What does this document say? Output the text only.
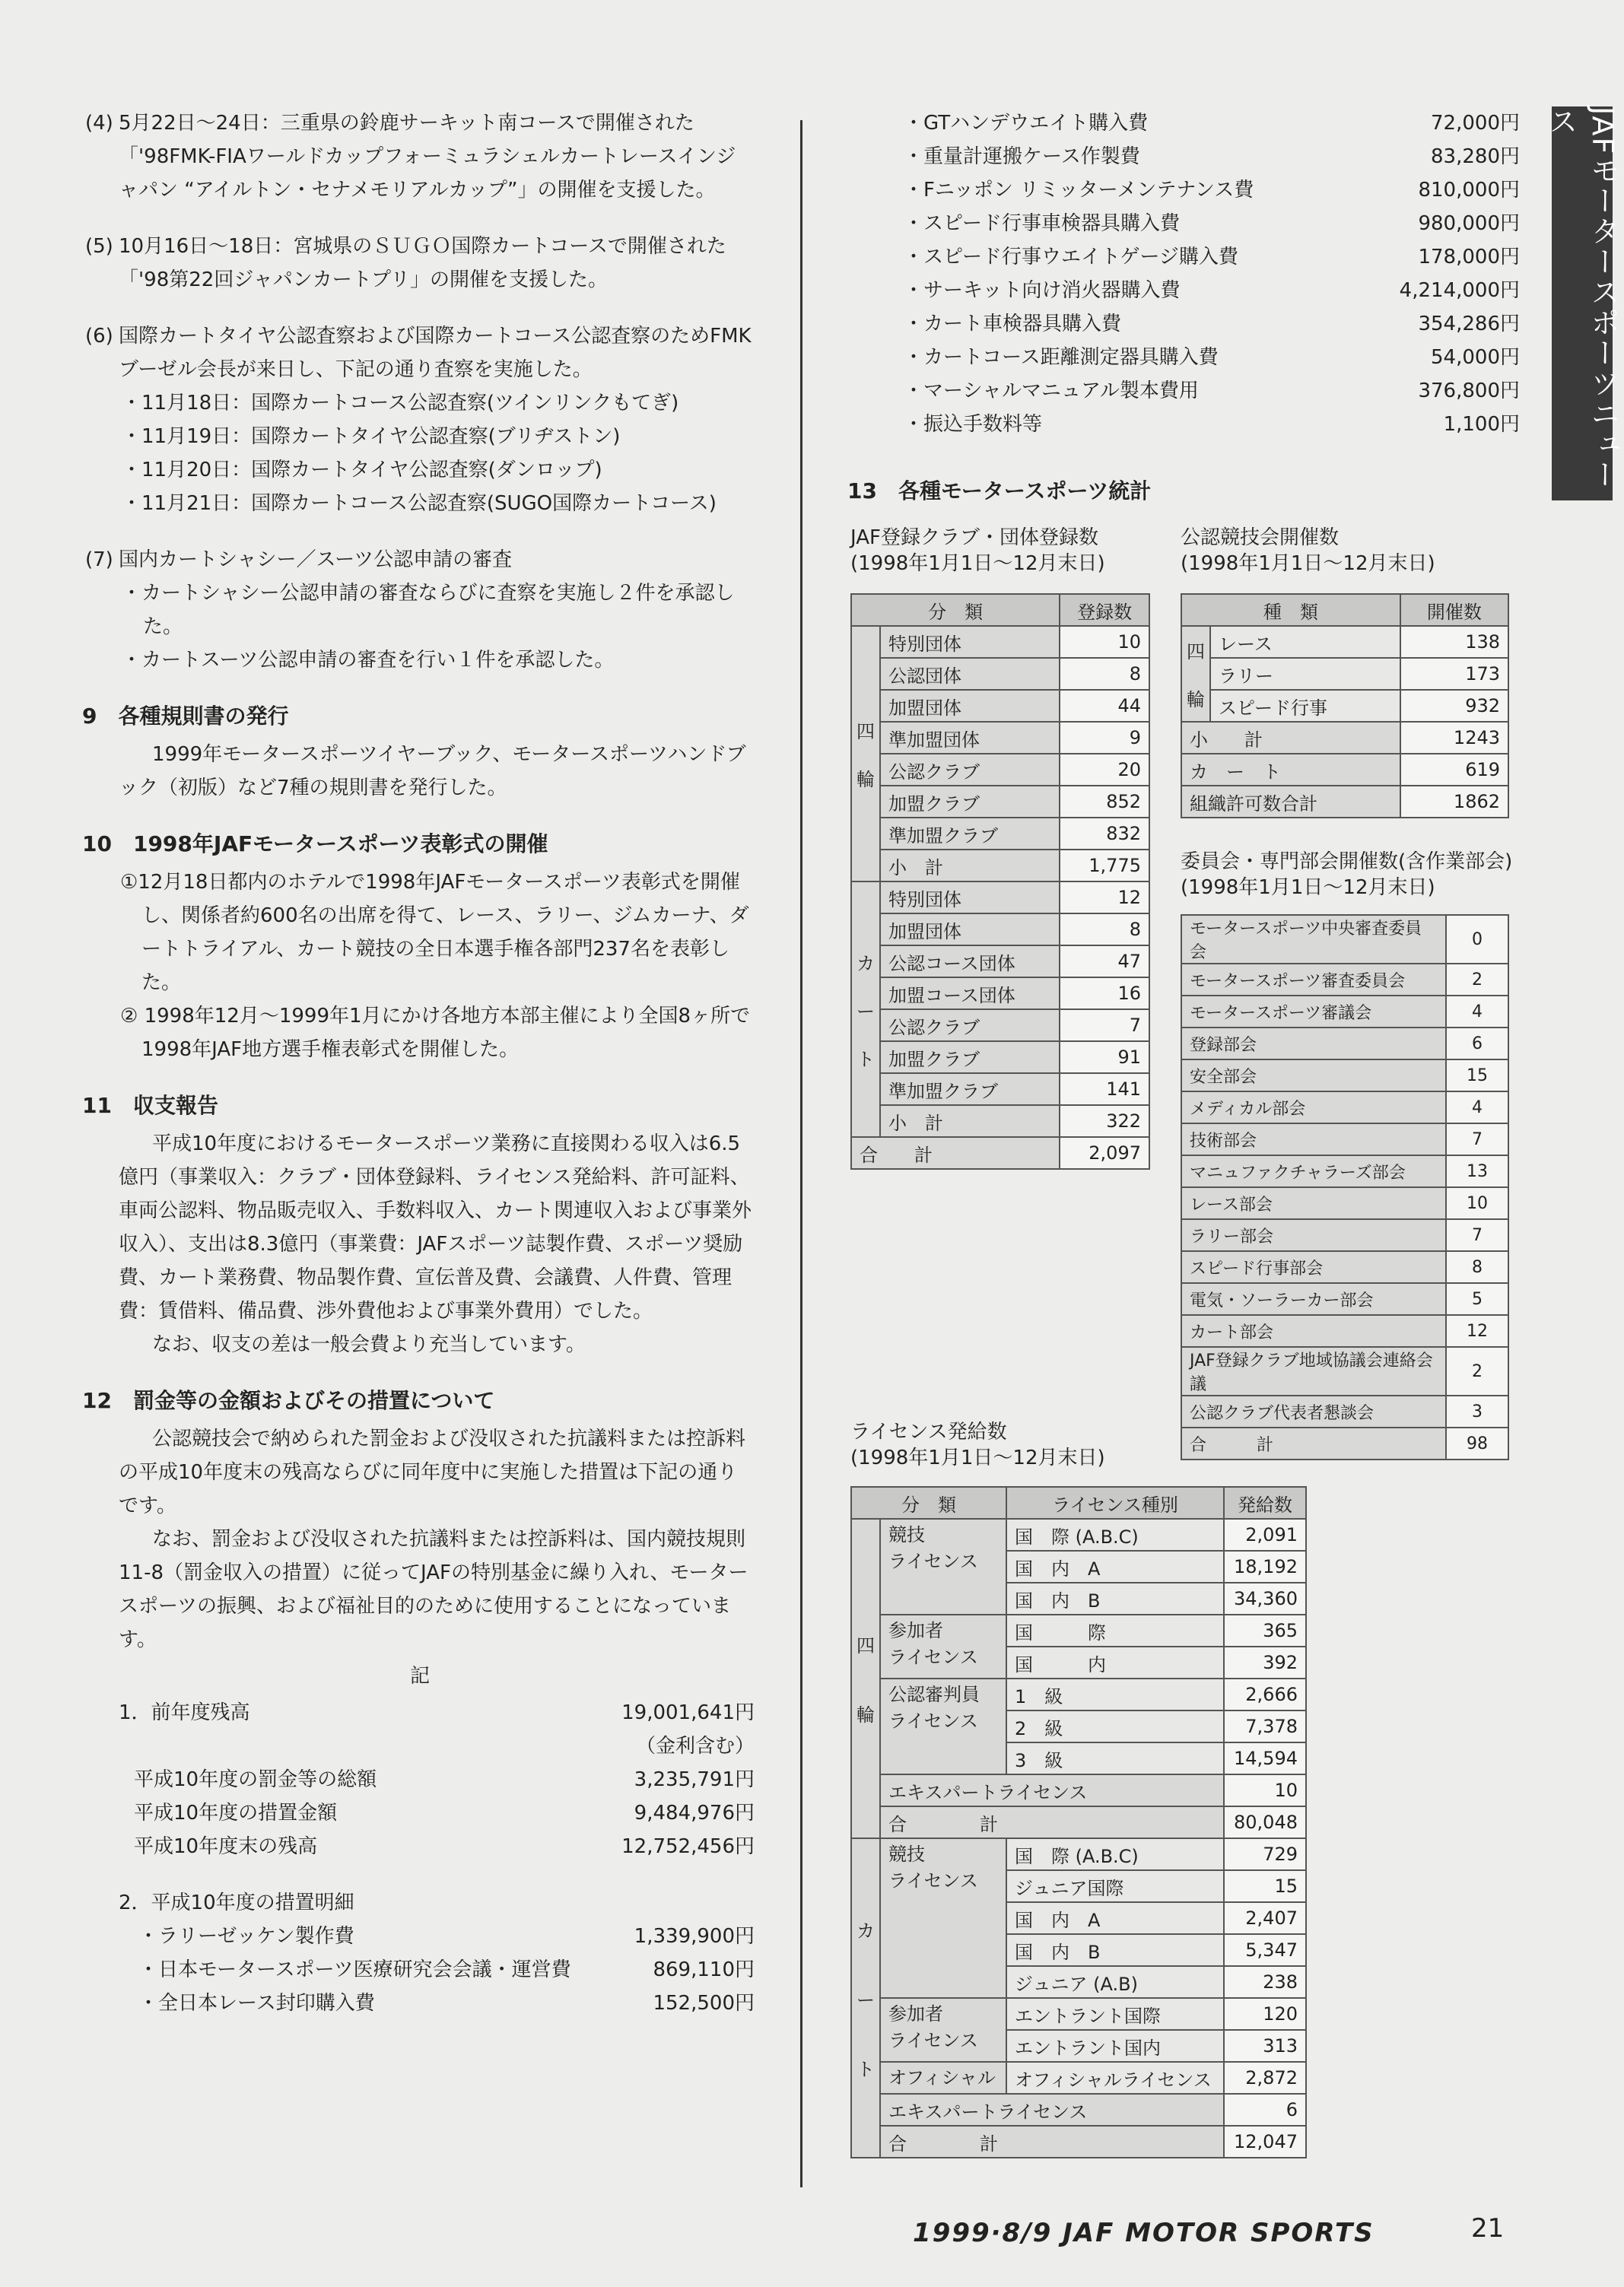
JAFモータースポーツニュース
(4) 5月22日〜24日：三重県の鈴鹿サーキット南コースで開催された「'98FMK-FIAワールドカップフォーミュラシェルカートレースインジャパン “アイルトン・セナメモリアルカップ”」の開催を支援した。
(5) 10月16日〜18日：宮城県のＳＵＧＯ国際カートコースで開催された「'98第22回ジャパンカートプリ」の開催を支援した。
(6) 国際カートタイヤ公認査察および国際カートコース公認査察のためFMKブーゼル会長が来日し、下記の通り査察を実施した。

・11月18日：国際カートコース公認査察(ツインリンクもてぎ)

・11月19日：国際カートタイヤ公認査察(ブリヂストン)

・11月20日：国際カートタイヤ公認査察(ダンロップ)

・11月21日：国際カートコース公認査察(SUGO国際カートコース)

(7) 国内カートシャシー／スーツ公認申請の審査

・カートシャシー公認申請の審査ならびに査察を実施し２件を承認した。

・カートスーツ公認申請の審査を行い１件を承認した。

9　各種規則書の発行

1999年モータースポーツイヤーブック、モータースポーツハンドブック（初版）など7種の規則書を発行した。

10　1998年JAFモータースポーツ表彰式の開催

①12月18日都内のホテルで1998年JAFモータースポーツ表彰式を開催し、関係者約600名の出席を得て、レース、ラリー、ジムカーナ、ダートトライアル、カート競技の全日本選手権各部門237名を表彰した。

② 1998年12月〜1999年1月にかけ各地方本部主催により全国8ヶ所で1998年JAF地方選手権表彰式を開催した。

11　収支報告

平成10年度におけるモータースポーツ業務に直接関わる収入は6.5億円（事業収入：クラブ・団体登録料、ライセンス発給料、許可証料、車両公認料、物品販売収入、手数料収入、カート関連収入および事業外収入）、支出は8.3億円（事業費：JAFスポーツ誌製作費、スポーツ奨励費、カート業務費、物品製作費、宣伝普及費、会議費、人件費、管理費：賃借料、備品費、渉外費他および事業外費用）でした。

なお、収支の差は一般会費より充当しています。

12　罰金等の金額およびその措置について

公認競技会で納められた罰金および没収された抗議料または控訴料の平成10年度末の残高ならびに同年度中に実施した措置は下記の通りです。

なお、罰金および没収された抗議料または控訴料は、国内競技規則11-8（罰金収入の措置）に従ってJAFの特別基金に繰り入れ、モータースポーツの振興、および福祉目的のために使用することになっています。

記
1．前年度残高	19,001,641円
（金利含む）
平成10年度の罰金等の総額	3,235,791円
平成10年度の措置金額	9,484,976円
平成10年度末の残高	12,752,456円
2．平成10年度の措置明細
・ラリーゼッケン製作費	1,339,900円
・日本モータースポーツ医療研究会会議・運営費	869,110円
・全日本レース封印購入費	152,500円
・GTハンデウエイト購入費	72,000円
・重量計運搬ケース作製費	83,280円
・Fニッポン リミッターメンテナンス費	810,000円
・スピード行事車検器具購入費	980,000円
・スピード行事ウエイトゲージ購入費	178,000円
・サーキット向け消火器購入費	4,214,000円
・カート車検器具購入費	354,286円
・カートコース距離測定器具購入費	54,000円
・マーシャルマニュアル製本費用	376,800円
・振込手数料等	1,100円
13　各種モータースポーツ統計

JAF登録クラブ・団体登録数

(1998年1月1日〜12月末日)

分　類		登録数
四

輪	特別団体	10
	公認団体	8
	加盟団体	44
	準加盟団体	9
	公認クラブ	20
	加盟クラブ	852
	準加盟クラブ	832
	小　計	1,775
カ

ー

ト	特別団体	12
	加盟団体	8
	公認コース団体	47
	加盟コース団体	16
	公認クラブ	7
	加盟クラブ	91
	準加盟クラブ	141
	小　計	322
合　　計		2,097

公認競技会開催数

(1998年1月1日〜12月末日)

種　類		開催数
四

輪	レース	138
	ラリー	173
	スピード行事	932
小　　計		1243
カ　ー　ト		619
組織許可数合計		1862

委員会・専門部会開催数(含作業部会)

(1998年1月1日〜12月末日)

モータースポーツ中央審査委員会	0
モータースポーツ審査委員会	2
モータースポーツ審議会	4
登録部会	6
安全部会	15
メディカル部会	4
技術部会	7
マニュファクチャラーズ部会	13
レース部会	10
ラリー部会	7
スピード行事部会	8
電気・ソーラーカー部会	5
カート部会	12
JAF登録クラブ地域協議会連絡会議	2
公認クラブ代表者懇談会	3
合　　　計	98

ライセンス発給数

(1998年1月1日〜12月末日)

分　類		ライセンス種別	発給数
四

輪	競技
ライセンス	国　際 (A.B.C)	2,091
		国　内　A	18,192
		国　内　B	34,360
	参加者
ライセンス	国　　　際	365
		国　　　内	392
	公認審判員
ライセンス	1　級	2,666
		2　級	7,378
		3　級	14,594
	エキスパートライセンス		10
	合　　　　計		80,048
カ

ー

ト	競技
ライセンス	国　際 (A.B.C)	729
		ジュニア国際	15
		国　内　A	2,407
		国　内　B	5,347
		ジュニア (A.B)	238
	参加者
ライセンス	エントラント国際	120
		エントラント国内	313
	オフィシャル	オフィシャルライセンス	2,872
	エキスパートライセンス		6
	合　　　　計		12,047
1999·8/9 JAF MOTOR SPORTS	21
